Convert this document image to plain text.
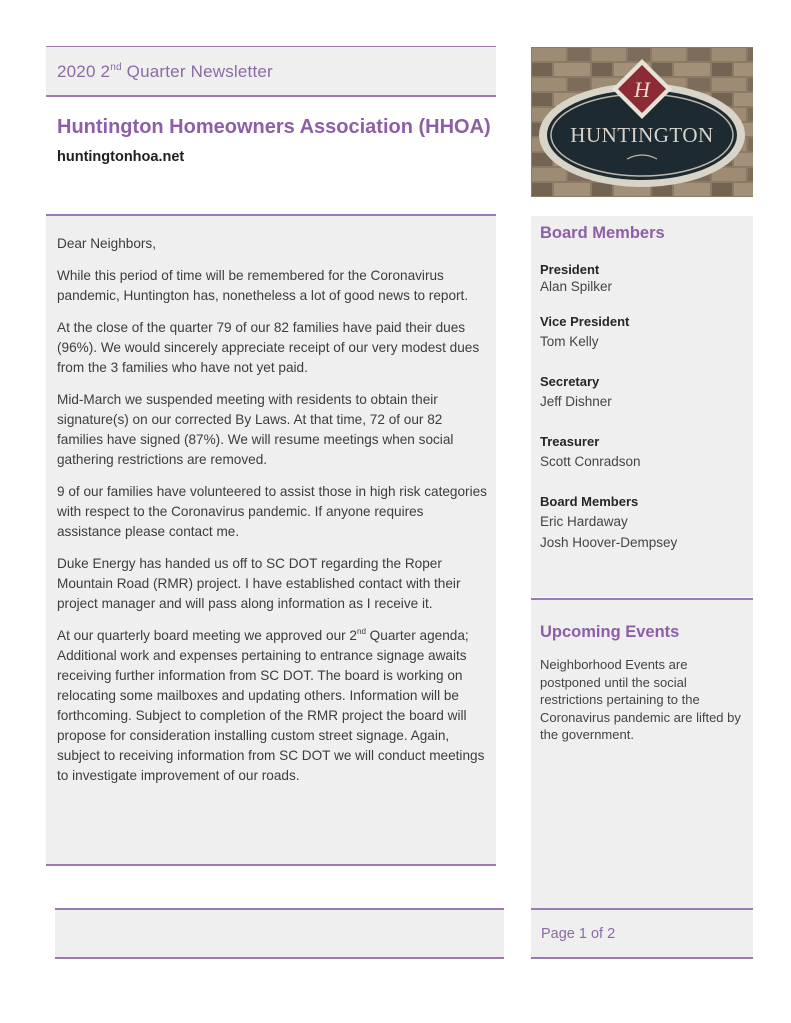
2020 2nd Quarter Newsletter
Huntington Homeowners Association (HHOA)
huntingtonhoa.net
H
HUNTINGTON

Dear Neighbors,

While this period of time will be remembered for the Coronavirus pandemic, Huntington has, nonetheless a lot of good news to report.

At the close of the quarter 79 of our 82 families have paid their dues (96%). We would sincerely appreciate receipt of our very modest dues from the 3 families who have not yet paid.

Mid-March we suspended meeting with residents to obtain their signature(s) on our corrected By Laws. At that time, 72 of our 82 families have signed (87%). We will resume meetings when social gathering restrictions are removed.

9 of our families have volunteered to assist those in high risk categories with respect to the Coronavirus pandemic. If anyone requires assistance please contact me.

Duke Energy has handed us off to SC DOT regarding the Roper Mountain Road (RMR) project. I have established contact with their project manager and will pass along information as I receive it.

At our quarterly board meeting we approved our 2nd Quarter agenda; Additional work and expenses pertaining to entrance signage awaits receiving further information from SC DOT. The board is working on relocating some mailboxes and updating others. Information will be forthcoming. Subject to completion of the RMR project the board will propose for consideration installing custom street signage. Again, subject to receiving information from SC DOT we will conduct meetings to investigate improvement of our roads.

Board Members
President
Alan Spilker
Vice President
Tom Kelly
Secretary
Jeff Dishner
Treasurer
Scott Conradson
Board Members
Eric Hardaway
Josh Hoover-Dempsey
Upcoming Events
Neighborhood Events are postponed until the social restrictions pertaining to the Coronavirus pandemic are lifted by the government.
Page 1 of 2
